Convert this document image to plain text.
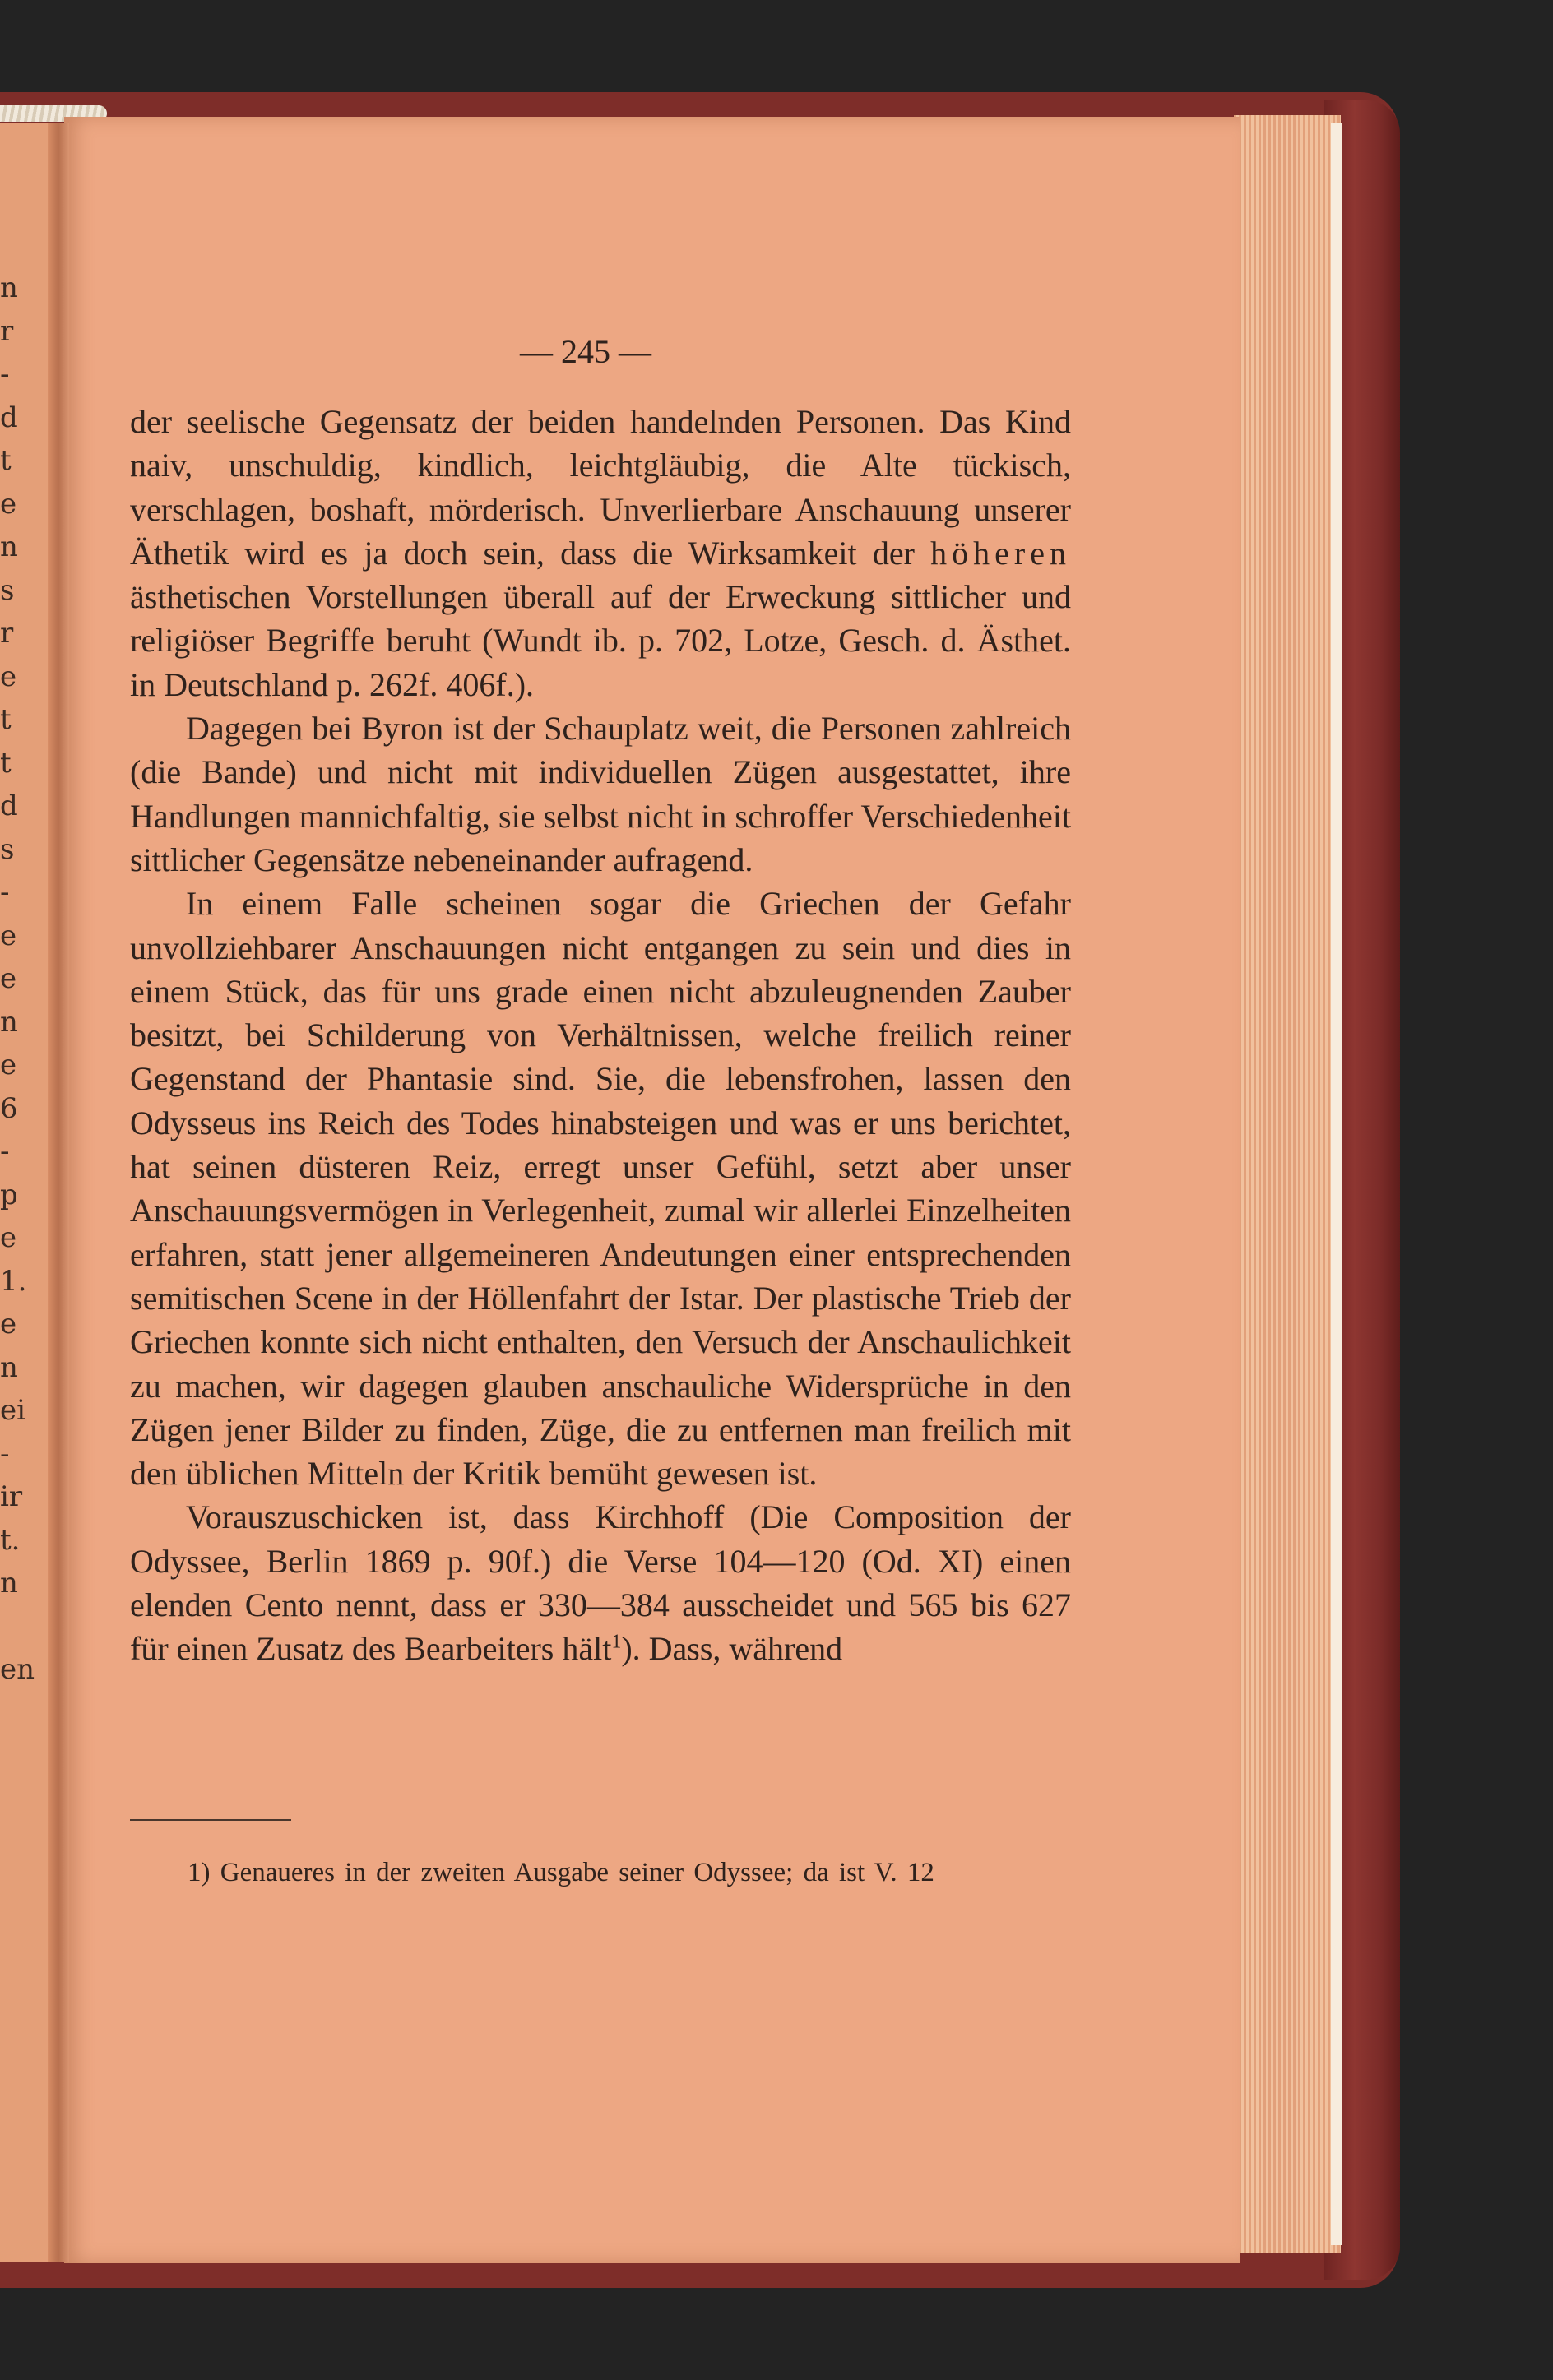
n
r
-
d
t
e
n
s
r
e
t
t
d
s
-
e
e
n
e
6
-
p
e
1.
e
n
ei
-
ir
t.
n
en
— 245 —

der seelische Gegensatz der beiden handelnden Personen. Das Kind naiv, unschuldig, kindlich, leichtgläubig, die Alte tückisch, verschlagen, boshaft, mörderisch. Unverlierbare Anschauung unserer Äthetik wird es ja doch sein, dass die Wirksamkeit der höheren ästhetischen Vorstellungen überall auf der Erweckung sittlicher und religiöser Begriffe beruht (Wundt ib. p. 702, Lotze, Gesch. d. Ästhet. in Deutschland p. 262f. 406f.).

Dagegen bei Byron ist der Schauplatz weit, die Personen zahlreich (die Bande) und nicht mit individuellen Zügen ausgestattet, ihre Handlungen mannichfaltig, sie selbst nicht in schroffer Verschiedenheit sittlicher Gegensätze nebeneinander aufragend.

In einem Falle scheinen sogar die Griechen der Gefahr unvollziehbarer Anschauungen nicht entgangen zu sein und dies in einem Stück, das für uns grade einen nicht abzuleugnenden Zauber besitzt, bei Schilderung von Verhältnissen, welche freilich reiner Gegenstand der Phantasie sind. Sie, die lebensfrohen, lassen den Odysseus ins Reich des Todes hinabsteigen und was er uns berichtet, hat seinen düsteren Reiz, erregt unser Gefühl, setzt aber unser Anschauungsvermögen in Verlegenheit, zumal wir allerlei Einzelheiten erfahren, statt jener allgemeineren Andeutungen einer entsprechenden semitischen Scene in der Höllenfahrt der Istar. Der plastische Trieb der Griechen konnte sich nicht enthalten, den Versuch der Anschaulichkeit zu machen, wir dagegen glauben anschauliche Widersprüche in den Zügen jener Bilder zu finden, Züge, die zu entfernen man freilich mit den üblichen Mitteln der Kritik bemüht gewesen ist.

Vorauszuschicken ist, dass Kirchhoff (Die Composition der Odyssee, Berlin 1869 p. 90f.) die Verse 104—120 (Od. XI) einen elenden Cento nennt, dass er 330—384 ausscheidet und 565 bis 627 für einen Zusatz des Bearbeiters hält$^1$). Dass, während

1) Genaueres in der zweiten Ausgabe seiner Odyssee; da ist V. 12
